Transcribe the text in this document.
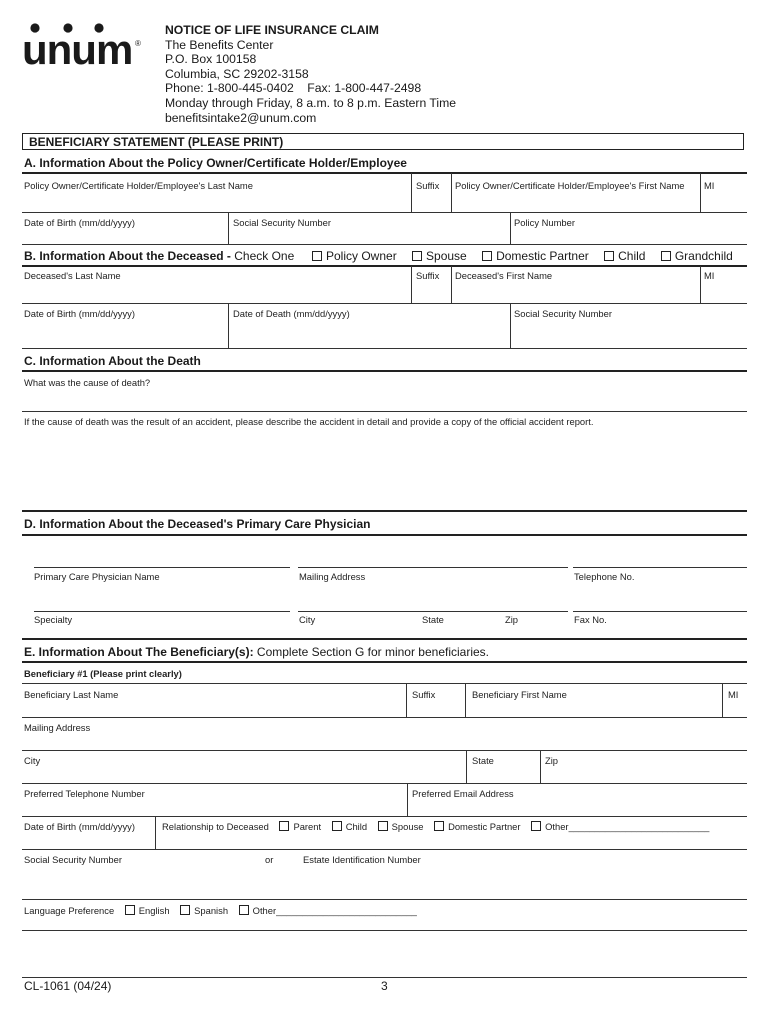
unum ®
NOTICE OF LIFE INSURANCE CLAIM
The Benefits Center
P.O. Box 100158
Columbia, SC 29202-3158
Phone: 1-800-445-0402    Fax: 1-800-447-2498
Monday through Friday, 8 a.m. to 8 p.m. Eastern Time
benefitsintake2@unum.com
BENEFICIARY STATEMENT (PLEASE PRINT)
A. Information About the Policy Owner/Certificate Holder/Employee
Policy Owner/Certificate Holder/Employee's Last Name	Suffix Policy Owner/Certificate Holder/Employee's First Name MI
Date of Birth (mm/dd/yyyy)	Social Security Number	Policy Number
B. Information About the Deceased - Check One	Policy Owner Spouse Domestic Partner Child Grandchild
Deceased's Last Name	Suffix Deceased's First Name	MI
Date of Birth (mm/dd/yyyy)	Date of Death (mm/dd/yyyy)	Social Security Number
C. Information About the Death
What was the cause of death?
If the cause of death was the result of an accident, please describe the accident in detail and provide a copy of the official accident report.
D. Information About the Deceased's Primary Care Physician
Primary Care Physician Name	Mailing Address	Telephone No.
Specialty	City	State	Zip	Fax No.
E. Information About The Beneficiary(s): Complete Section G for minor beneficiaries.
Beneficiary #1 (Please print clearly)
Beneficiary Last Name	Suffix	Beneficiary First Name	MI
Mailing Address
City	State	Zip
Preferred Telephone Number	Preferred Email Address
Date of Birth (mm/dd/yyyy)	Relationship to Deceased	Parent	Child	Spouse	Domestic Partner	Other___________________________
Social Security Number	or	Estate Identification Number
Language Preference	English	Spanish	Other___________________________
CL-1061 (04/24)	3
